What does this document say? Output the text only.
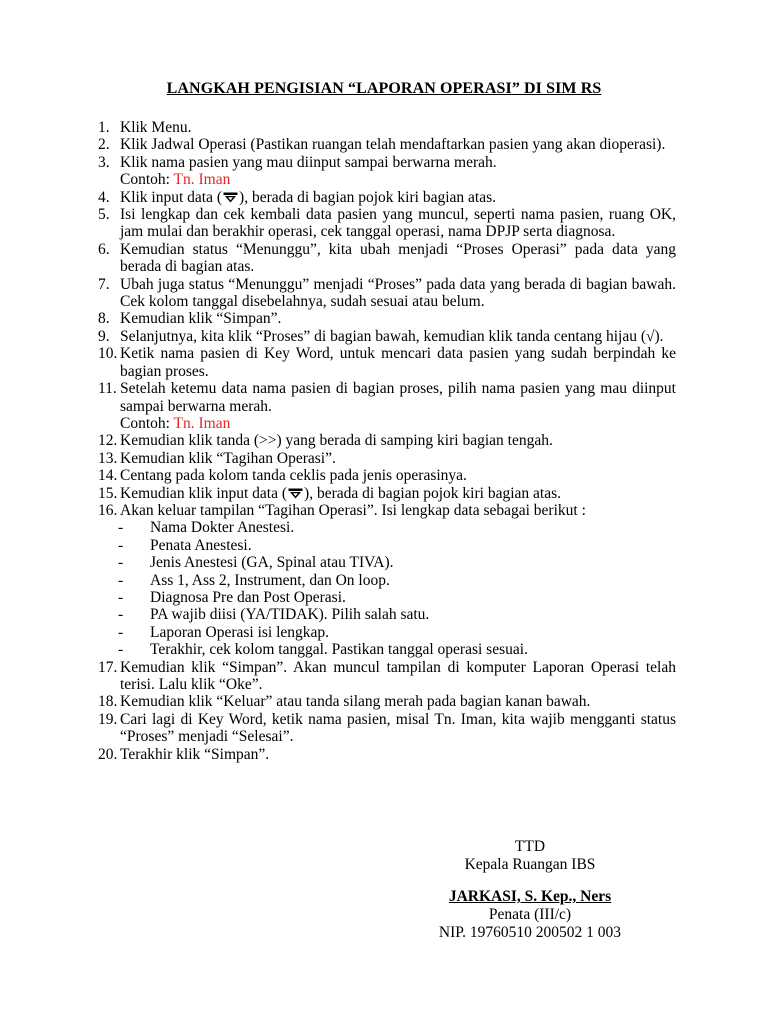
LANGKAH PENGISIAN “LAPORAN OPERASI” DI SIM RS
1. Klik Menu.
2. Klik Jadwal Operasi (Pastikan ruangan telah mendaftarkan pasien yang akan dioperasi).
3. Klik nama pasien yang mau diinput sampai berwarna merah.
Contoh: Tn. Iman
4. Klik input data ( ), berada di bagian pojok kiri bagian atas.
5. Isi lengkap dan cek kembali data pasien yang muncul, seperti nama pasien, ruang OK, jam mulai dan berakhir operasi, cek tanggal operasi, nama DPJP serta diagnosa.
6. Kemudian status “Menunggu”, kita ubah menjadi “Proses Operasi” pada data yang berada di bagian atas.
7. Ubah juga status “Menunggu” menjadi “Proses” pada data yang berada di bagian bawah. Cek kolom tanggal disebelahnya, sudah sesuai atau belum.
8. Kemudian klik “Simpan”.
9. Selanjutnya, kita klik “Proses” di bagian bawah, kemudian klik tanda centang hijau (√).
10. Ketik nama pasien di Key Word, untuk mencari data pasien yang sudah berpindah ke bagian proses.
11. Setelah ketemu data nama pasien di bagian proses, pilih nama pasien yang mau diinput sampai berwarna merah.
Contoh: Tn. Iman
12. Kemudian klik tanda (>>) yang berada di samping kiri bagian tengah.
13. Kemudian klik “Tagihan Operasi”.
14. Centang pada kolom tanda ceklis pada jenis operasinya.
15. Kemudian klik input data ( ), berada di bagian pojok kiri bagian atas.
16. Akan keluar tampilan “Tagihan Operasi”. Isi lengkap data sebagai berikut :
-	Nama Dokter Anestesi.
-	Penata Anestesi.
-	Jenis Anestesi (GA, Spinal atau TIVA).
-	Ass 1, Ass 2, Instrument, dan On loop.
-	Diagnosa Pre dan Post Operasi.
-	PA wajib diisi (YA/TIDAK). Pilih salah satu.
-	Laporan Operasi isi lengkap.
-	Terakhir, cek kolom tanggal. Pastikan tanggal operasi sesuai.
17. Kemudian klik “Simpan”. Akan muncul tampilan di komputer Laporan Operasi telah terisi. Lalu klik “Oke”.
18. Kemudian klik “Keluar” atau tanda silang merah pada bagian kanan bawah.
19. Cari lagi di Key Word, ketik nama pasien, misal Tn. Iman, kita wajib mengganti status “Proses” menjadi “Selesai”.
20. Terakhir klik “Simpan”.
TTD
Kepala Ruangan IBS
JARKASI, S. Kep., Ners
Penata (III/c)
NIP. 19760510 200502 1 003
